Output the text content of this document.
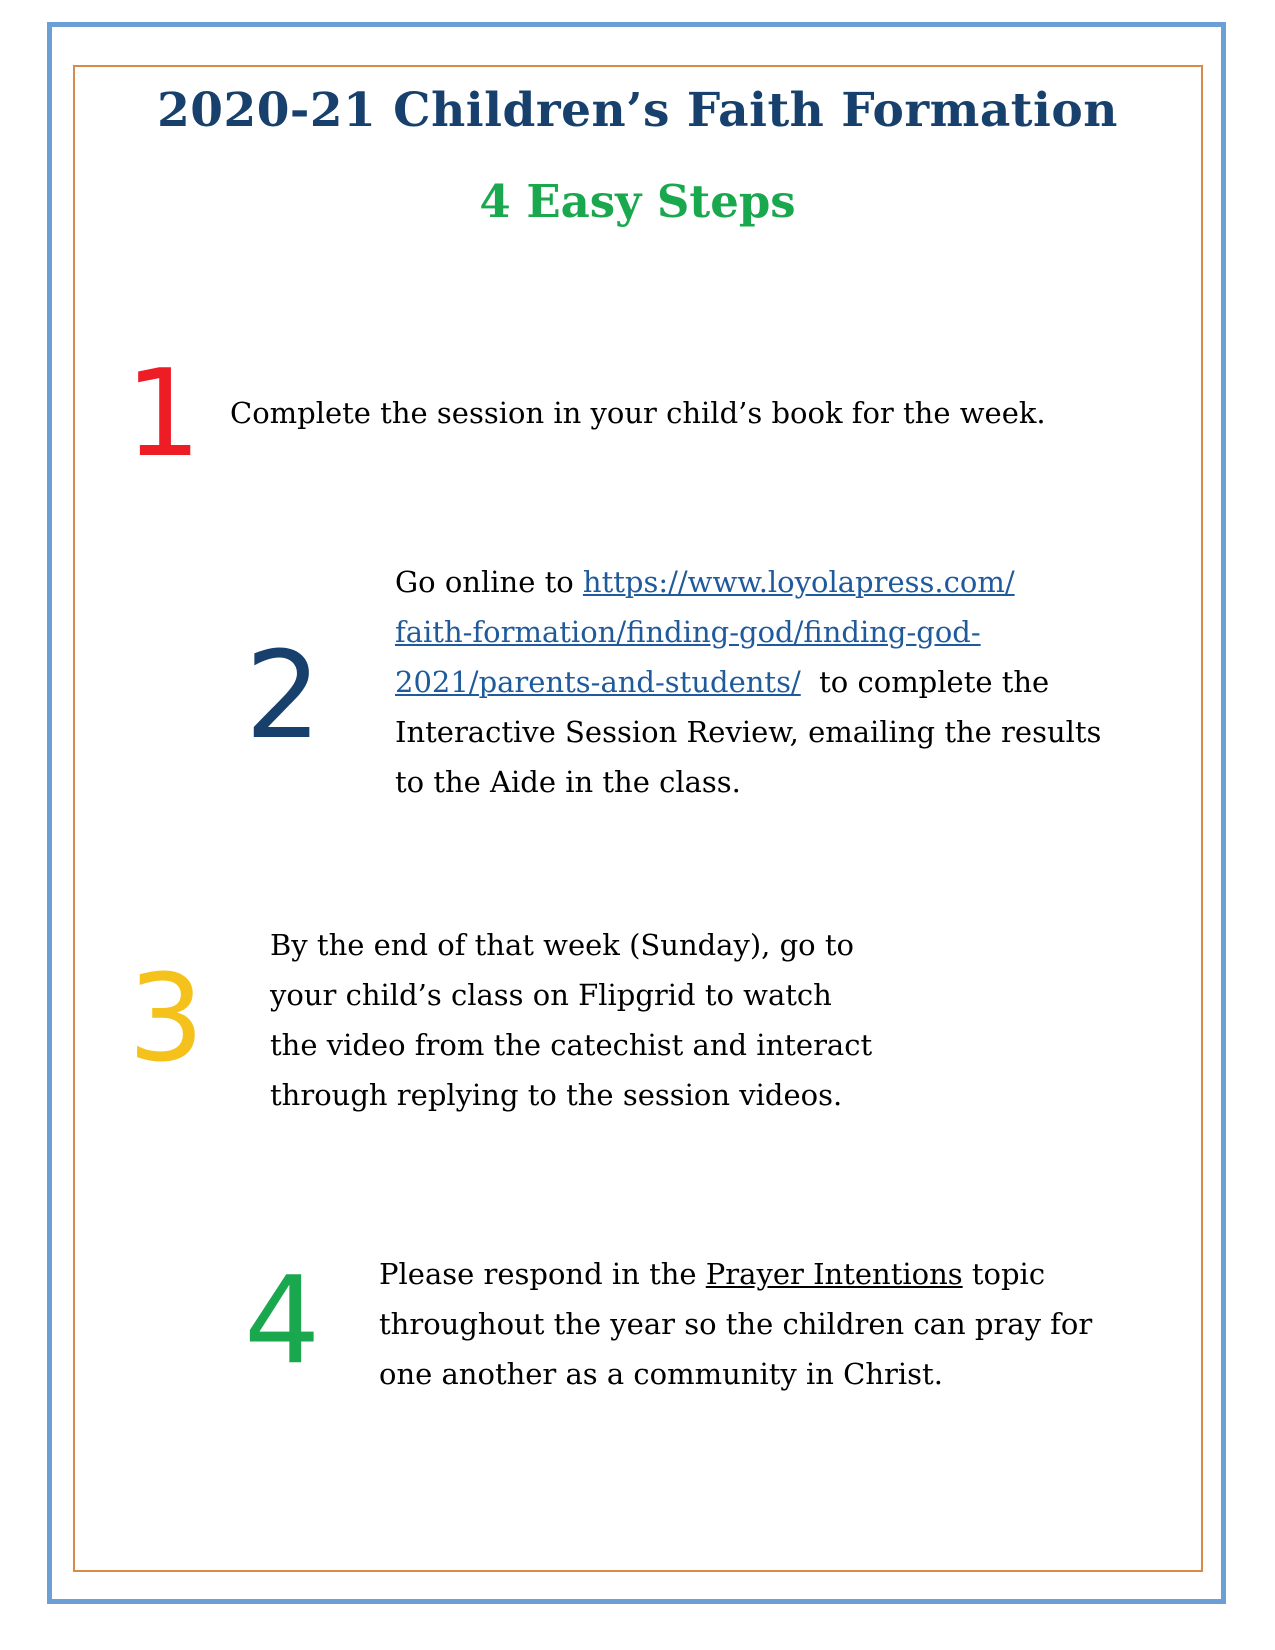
2020-21 Children’s Faith Formation
4 Easy Steps
1 Complete the session in your child’s book for the week.
2
Go online to https://www.loyolapress.com/
faith-formation/finding-god/finding-god-
2021/parents-and-students/  to complete the
Interactive Session Review, emailing the results
to the Aide in the class.
3
By the end of that week (Sunday), go to
your child’s class on Flipgrid to watch
the video from the catechist and interact
through replying to the session videos.
4 Please respond in the Prayer Intentions topic
throughout the year so the children can pray for
one another as a community in Christ.
